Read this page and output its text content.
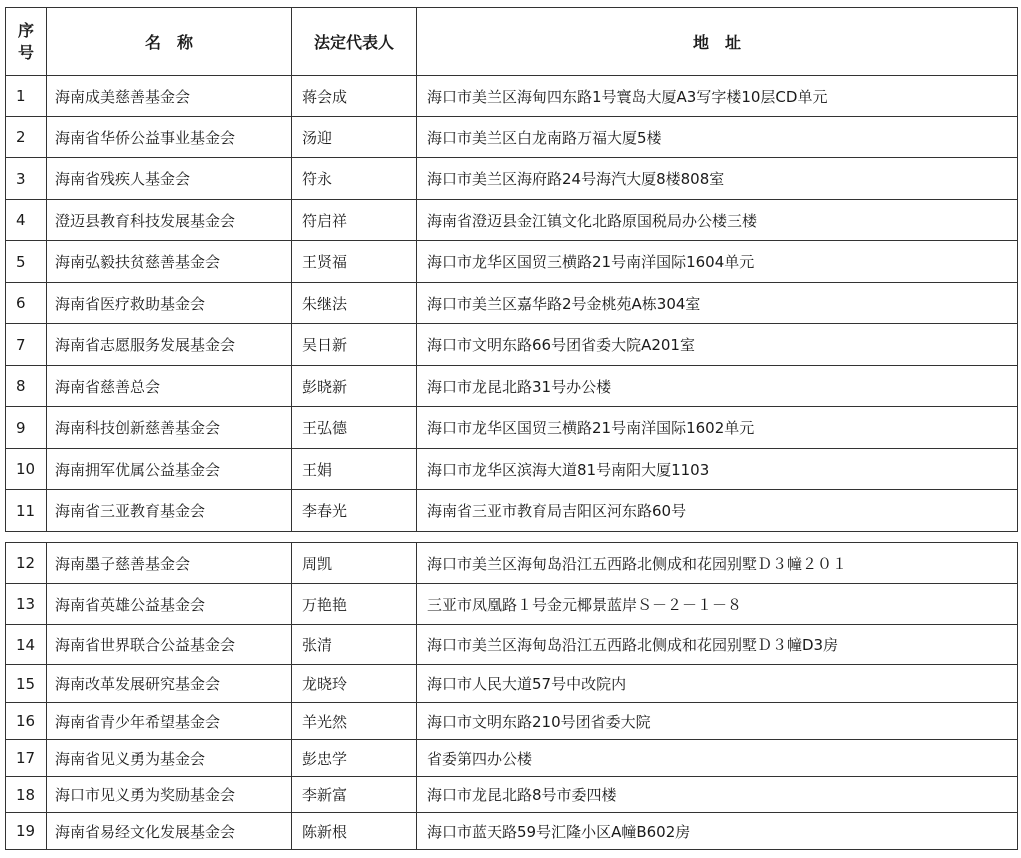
序
号	名　称	法定代表人	地　址
1	海南成美慈善基金会	蒋会成	海口市美兰区海甸四东路1号寰岛大厦A3写字楼10层CD单元
2	海南省华侨公益事业基金会	汤迎	海口市美兰区白龙南路万福大厦5楼
3	海南省残疾人基金会	符永	海口市美兰区海府路24号海汽大厦8楼808室
4	澄迈县教育科技发展基金会	符启祥	海南省澄迈县金江镇文化北路原国税局办公楼三楼
5	海南弘毅扶贫慈善基金会	王贤福	海口市龙华区国贸三横路21号南洋国际1604单元
6	海南省医疗救助基金会	朱继法	海口市美兰区嘉华路2号金桃苑A栋304室
7	海南省志愿服务发展基金会	吴日新	海口市文明东路66号团省委大院A201室
8	海南省慈善总会	彭晓新	海口市龙昆北路31号办公楼
9	海南科技创新慈善基金会	王弘德	海口市龙华区国贸三横路21号南洋国际1602单元
10	海南拥军优属公益基金会	王娟	海口市龙华区滨海大道81号南阳大厦1103
11	海南省三亚教育基金会	李春光	海南省三亚市教育局吉阳区河东路60号
12	海南墨子慈善基金会	周凯	海口市美兰区海甸岛沿江五西路北侧成和花园别墅Ｄ３幢２０１
13	海南省英雄公益基金会	万艳艳	三亚市凤凰路１号金元椰景蓝岸Ｓ－２－１－８
14	海南省世界联合公益基金会	张清	海口市美兰区海甸岛沿江五西路北侧成和花园别墅Ｄ３幢D3房
15	海南改革发展研究基金会	龙晓玲	海口市人民大道57号中改院内
16	海南省青少年希望基金会	羊光然	海口市文明东路210号团省委大院
17	海南省见义勇为基金会	彭忠学	省委第四办公楼
18	海口市见义勇为奖励基金会	李新富	海口市龙昆北路8号市委四楼
19	海南省易经文化发展基金会	陈新根	海口市蓝天路59号汇隆小区A幢B602房
